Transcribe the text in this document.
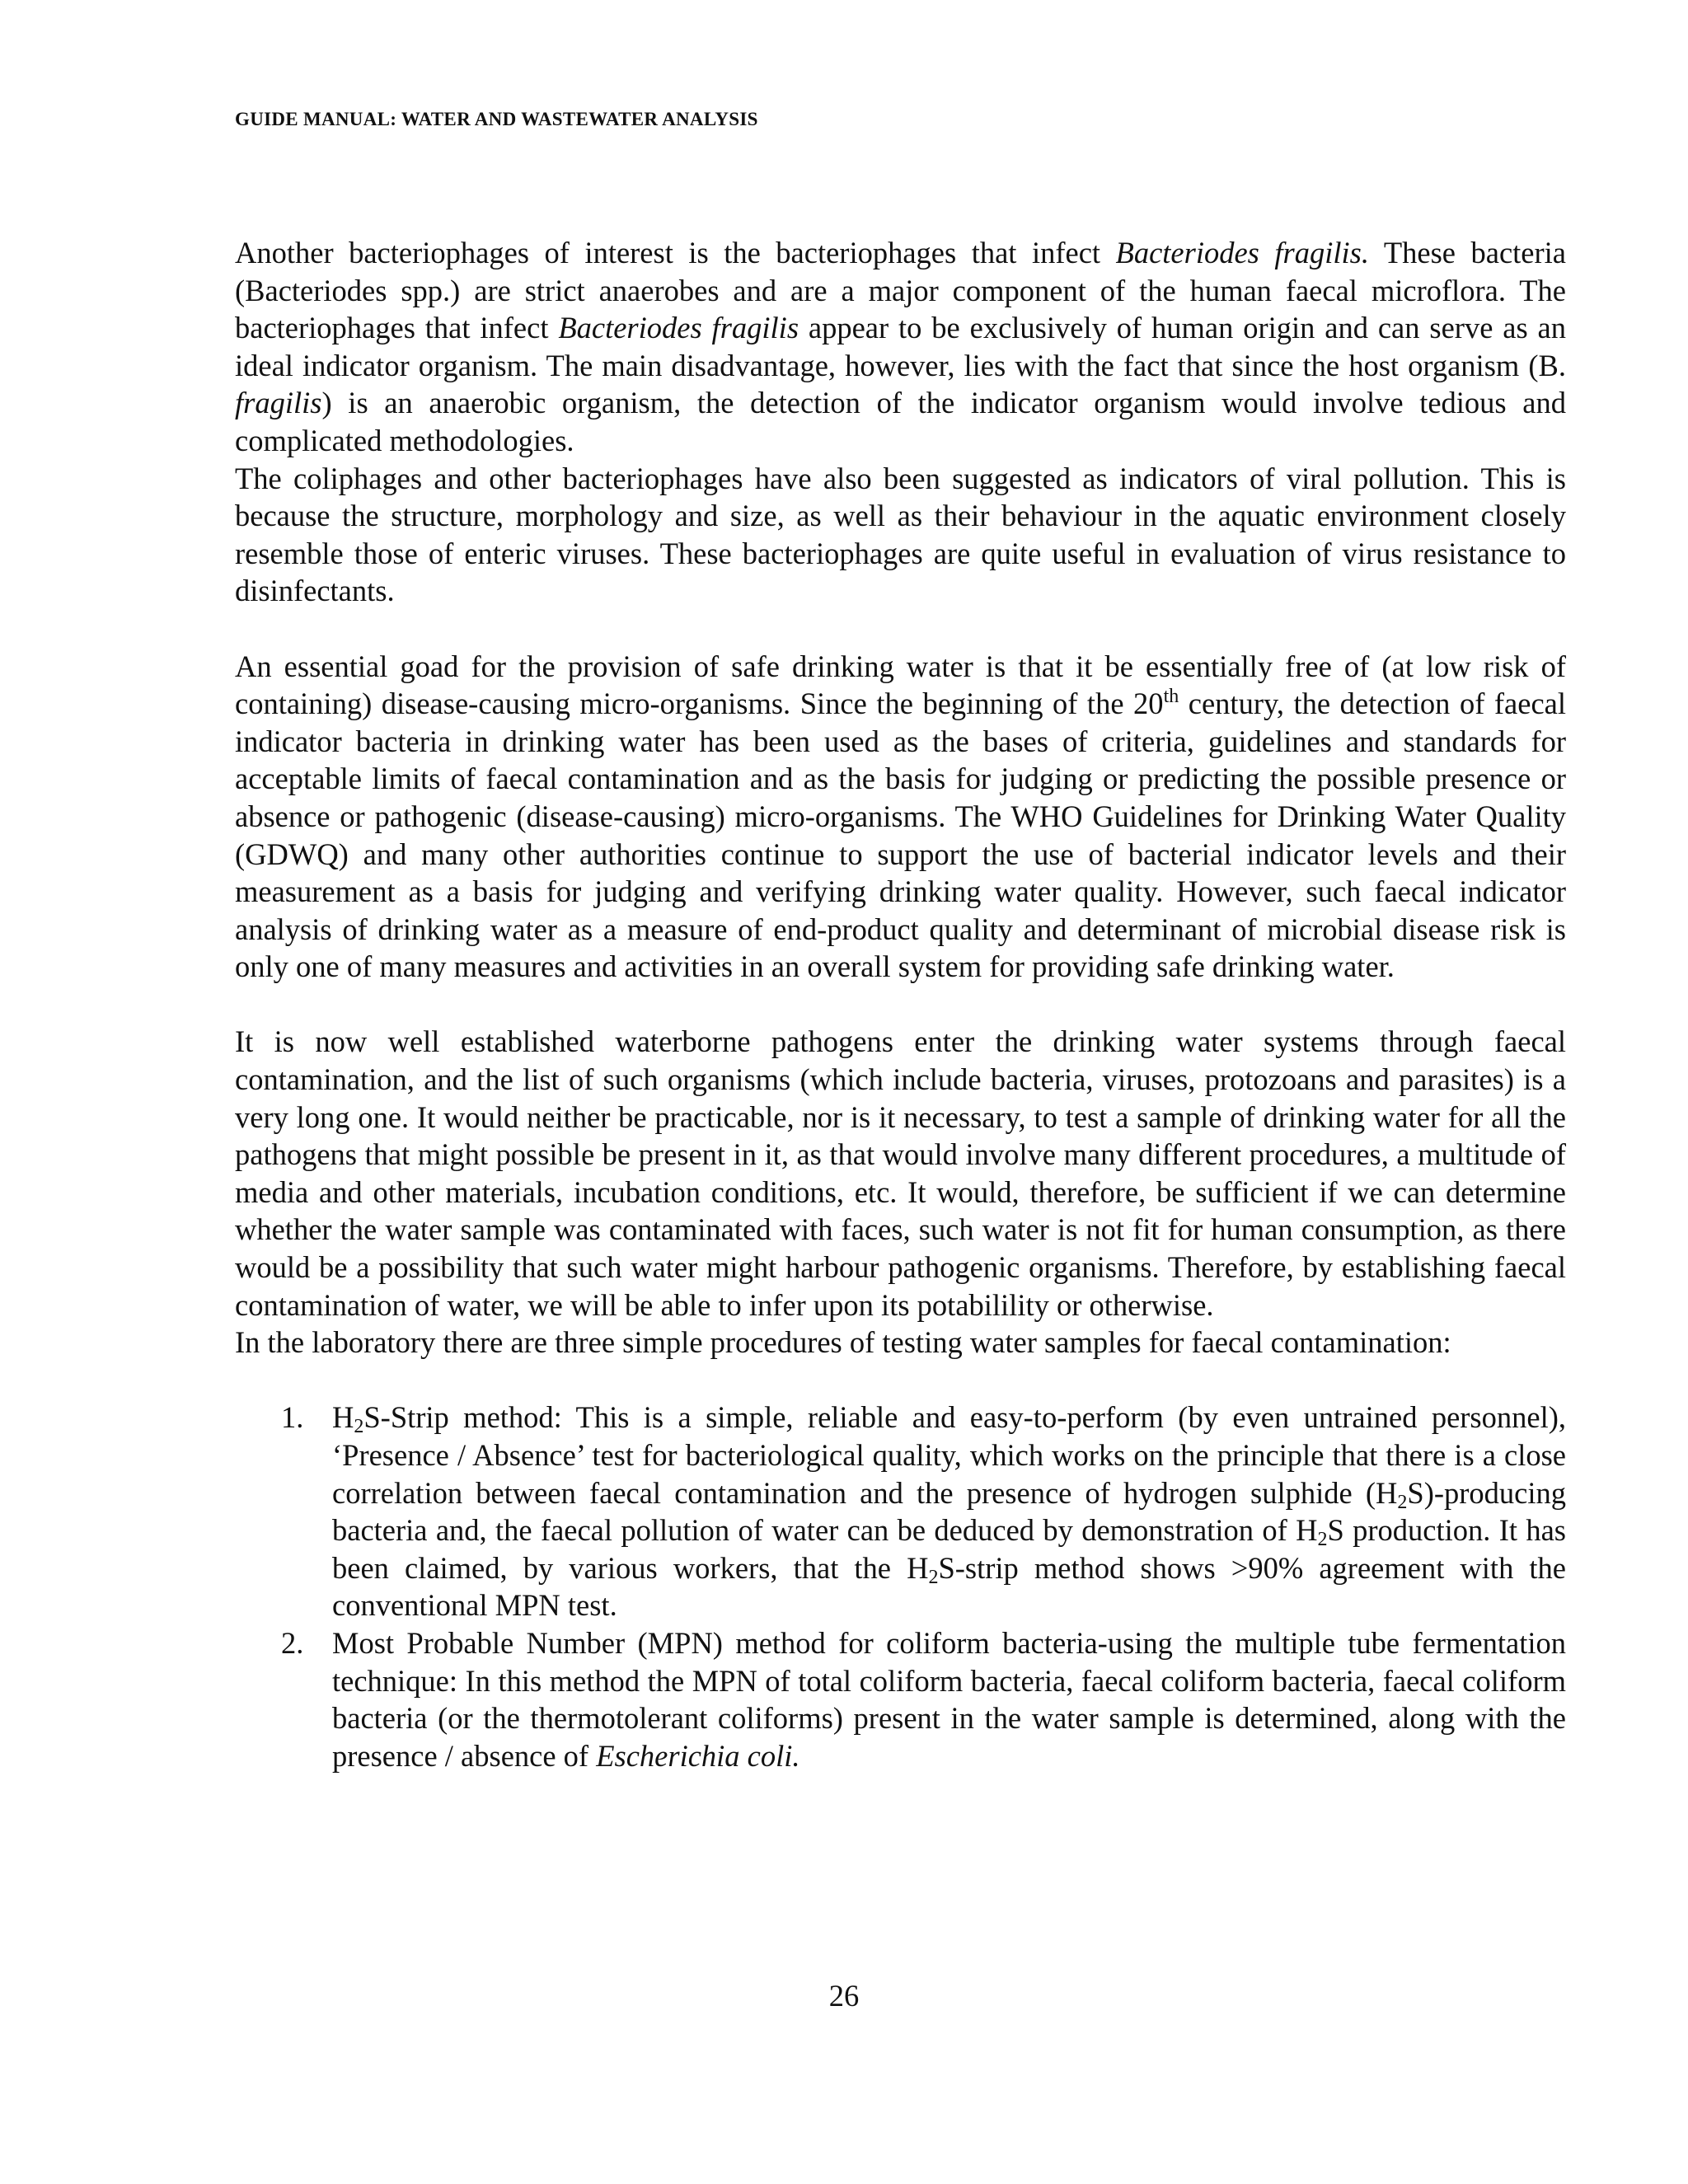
GUIDE MANUAL: WATER AND WASTEWATER ANALYSIS

Another bacteriophages of interest is the bacteriophages that infect Bacteriodes fragilis. These bacteria (Bacteriodes spp.) are strict anaerobes and are a major component of the human faecal microflora. The bacteriophages that infect Bacteriodes fragilis appear to be exclusively of human origin and can serve as an ideal indicator organism. The main disadvantage, however, lies with the fact that since the host organism (B. fragilis) is an anaerobic organism, the detection of the indicator organism would involve tedious and complicated methodologies.

The coliphages and other bacteriophages have also been suggested as indicators of viral pollution. This is because the structure, morphology and size, as well as their behaviour in the aquatic environment closely resemble those of enteric viruses. These bacteriophages are quite useful in evaluation of virus resistance to disinfectants.

An essential goad for the provision of safe drinking water is that it be essentially free of (at low risk of containing) disease-causing micro-organisms. Since the beginning of the 20th century, the detection of faecal indicator bacteria in drinking water has been used as the bases of criteria, guidelines and standards for acceptable limits of faecal contamination and as the basis for judging or predicting the possible presence or absence or pathogenic (disease-causing) micro-organisms. The WHO Guidelines for Drinking Water Quality (GDWQ) and many other authorities continue to support the use of bacterial indicator levels and their measurement as a basis for judging and verifying drinking water quality. However, such faecal indicator analysis of drinking water as a measure of end-product quality and determinant of microbial disease risk is only one of many measures and activities in an overall system for providing safe drinking water.

It is now well established waterborne pathogens enter the drinking water systems through faecal contamination, and the list of such organisms (which include bacteria, viruses, protozoans and parasites) is a very long one. It would neither be practicable, nor is it necessary, to test a sample of drinking water for all the pathogens that might possible be present in it, as that would involve many different procedures, a multitude of media and other materials, incubation conditions, etc. It would, therefore, be sufficient if we can determine whether the water sample was contaminated with faces, such water is not fit for human consumption, as there would be a possibility that such water might harbour pathogenic organisms. Therefore, by establishing faecal contamination of water, we will be able to infer upon its potabilility or otherwise.

In the laboratory there are three simple procedures of testing water samples for faecal contamination:

1. $H_2S$-Strip method: This is a simple, reliable and easy-to-perform (by even untrained personnel), ‘Presence / Absence’ test for bacteriological quality, which works on the principle that there is a close correlation between faecal contamination and the presence of hydrogen sulphide $(H_2S)$-producing bacteria and, the faecal pollution of water can be deduced by demonstration of $H_2S$ production. It has been claimed, by various workers, that the $H_2S$-strip method shows >90% agreement with the conventional MPN test.
2. Most Probable Number (MPN) method for coliform bacteria-using the multiple tube fermentation technique: In this method the MPN of total coliform bacteria, faecal coliform bacteria, faecal coliform bacteria (or the thermotolerant coliforms) present in the water sample is determined, along with the presence / absence of Escherichia coli.
26
